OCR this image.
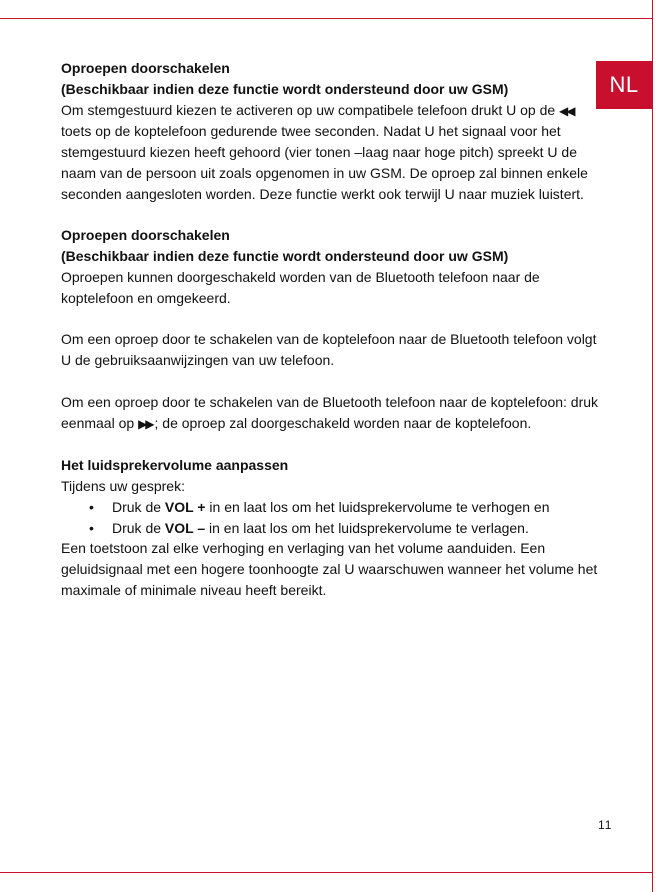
NL

Oproepen doorschakelen

(Beschikbaar indien deze functie wordt ondersteund door uw GSM)

Om stemgestuurd kiezen te activeren op uw compatibele telefoon drukt U op de ◀◀ toets op de koptelefoon gedurende twee seconden. Nadat U het signaal voor het stemgestuurd kiezen heeft gehoord (vier tonen –laag naar hoge pitch) spreekt U de naam van de persoon uit zoals opgenomen in uw GSM. De oproep zal binnen enkele seconden aangesloten worden. Deze functie werkt ook terwijl U naar muziek luistert.

Oproepen doorschakelen

(Beschikbaar indien deze functie wordt ondersteund door uw GSM)

Oproepen kunnen doorgeschakeld worden van de Bluetooth telefoon naar de koptelefoon en omgekeerd.

Om een oproep door te schakelen van de koptelefoon naar de Bluetooth telefoon volgt U de gebruiksaanwijzingen van uw telefoon.

Om een oproep door te schakelen van de Bluetooth telefoon naar de koptelefoon: druk eenmaal op ▶▶ ; de oproep zal doorgeschakeld worden naar de koptelefoon.

Het luidsprekervolume aanpassen

Tijdens uw gesprek:

• Druk de VOL + in en laat los om het luidsprekervolume te verhogen en
• Druk de VOL – in en laat los om het luidsprekervolume te verlagen.

Een toetstoon zal elke verhoging en verlaging van het volume aanduiden. Een geluidsignaal met een hogere toonhoogte zal U waarschuwen wanneer het volume het maximale of minimale niveau heeft bereikt.

11
